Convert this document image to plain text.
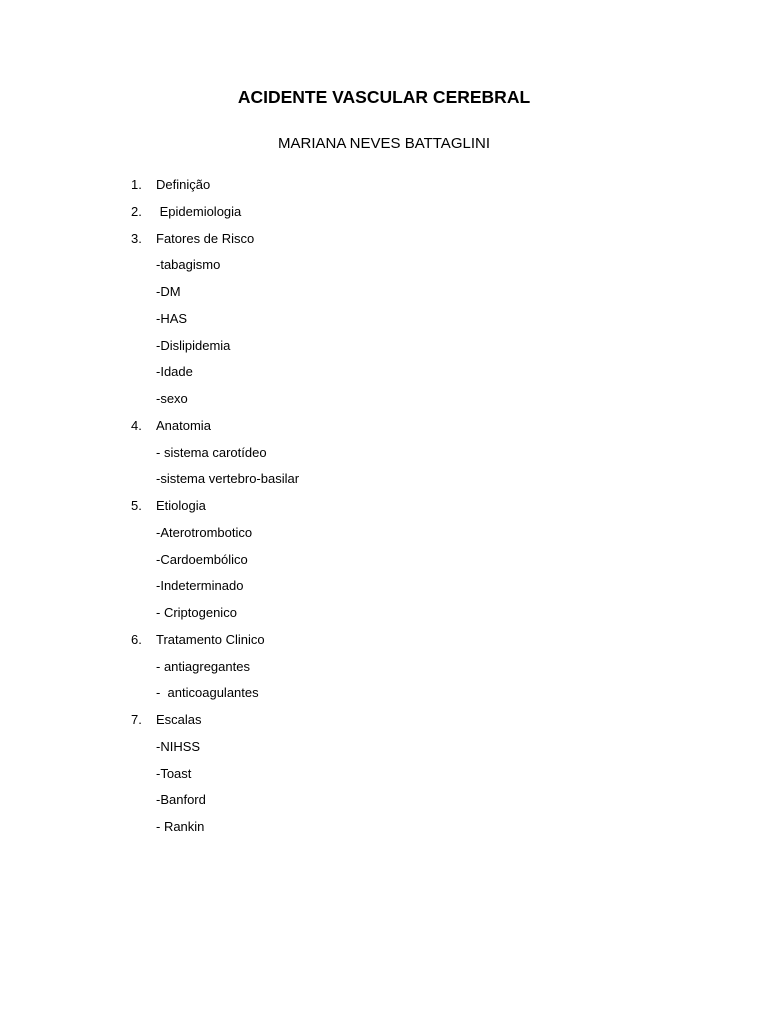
ACIDENTE VASCULAR CEREBRAL
MARIANA NEVES BATTAGLINI
1. Definição
2. Epidemiologia
3. Fatores de Risco
-tabagismo
-DM
-HAS
-Dislipidemia
-Idade
-sexo
4. Anatomia
- sistema carotídeo
-sistema vertebro-basilar
5. Etiologia
-Aterotrombotico
-Cardoembólico
-Indeterminado
- Criptogenico
6. Tratamento Clinico
- antiagregantes
-  anticoagulantes
7. Escalas
-NIHSS
-Toast
-Banford
- Rankin
